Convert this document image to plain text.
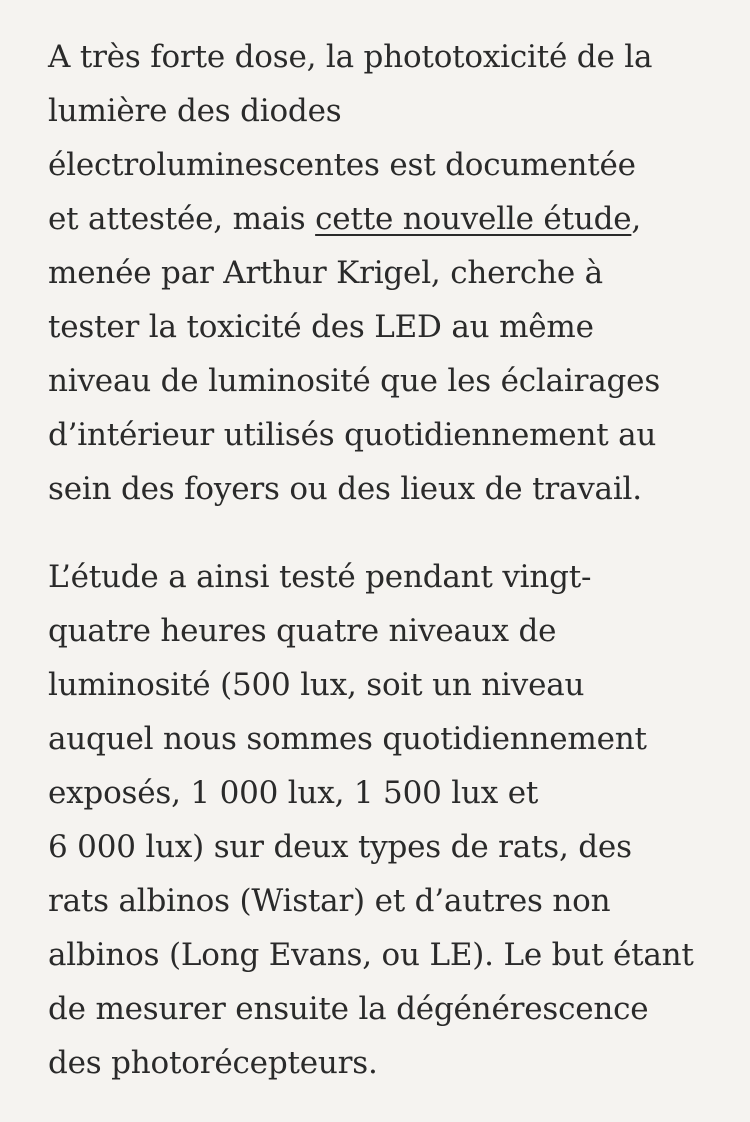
A très forte dose, la phototoxicité de la
lumière des diodes
électroluminescentes est documentée
et attestée, mais cette nouvelle étude,
menée par Arthur Krigel, cherche à
tester la toxicité des LED au même
niveau de luminosité que les éclairages
d’intérieur utilisés quotidiennement au
sein des foyers ou des lieux de travail.

L’étude a ainsi testé pendant vingt-
quatre heures quatre niveaux de
luminosité (500 lux, soit un niveau
auquel nous sommes quotidiennement
exposés, 1 000 lux, 1 500 lux et
6 000 lux) sur deux types de rats, des
rats albinos (Wistar) et d’autres non
albinos (Long Evans, ou LE). Le but étant
de mesurer ensuite la dégénérescence
des photorécepteurs.
